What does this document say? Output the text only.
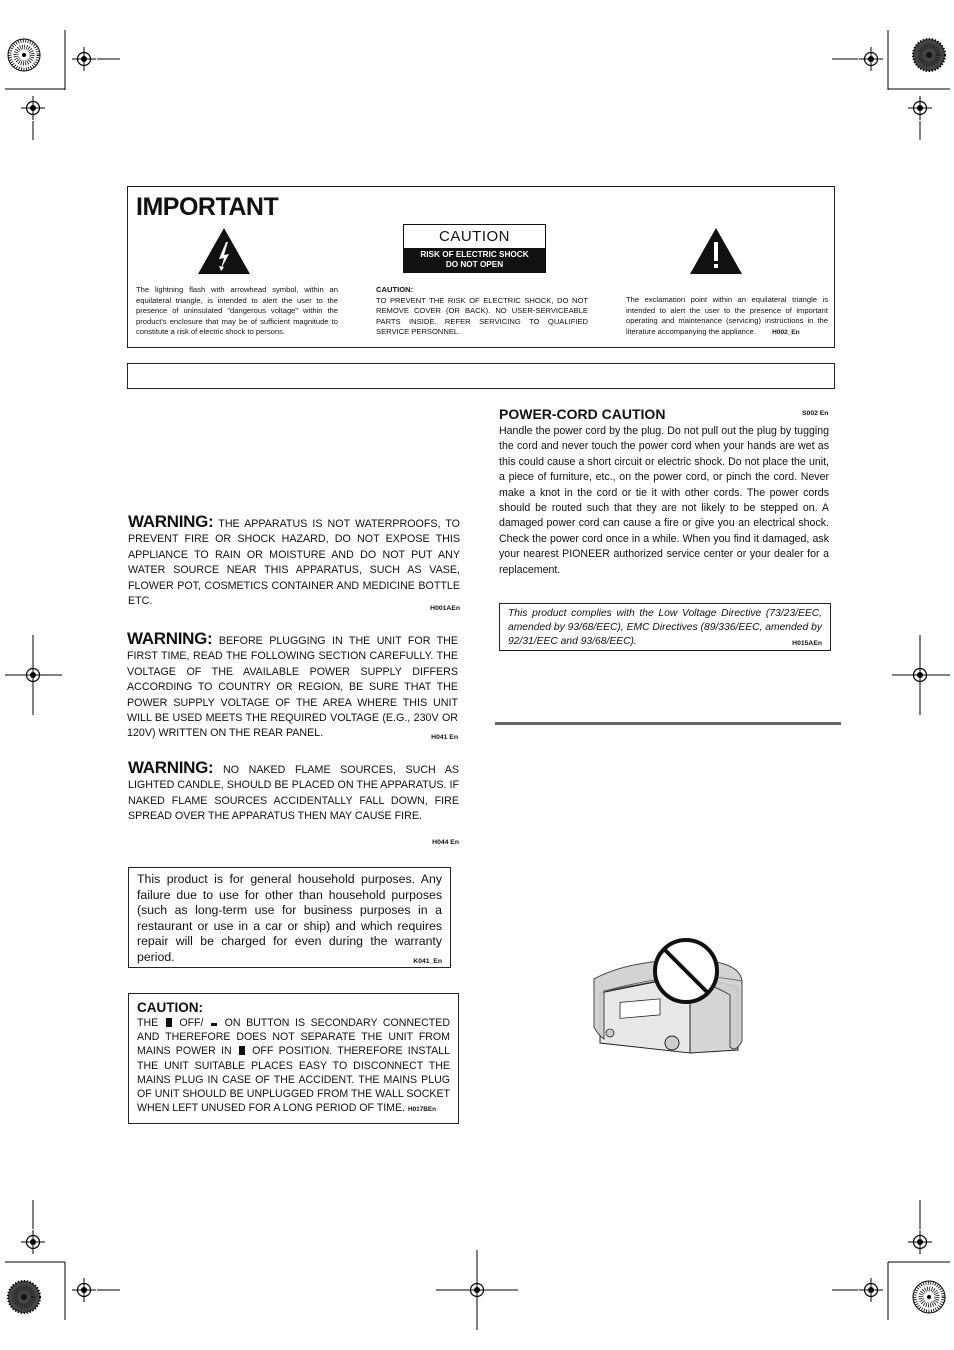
IMPORTANT
The lightning flash with arrowhead symbol, within an equilateral triangle, is intended to alert the user to the presence of uninsulated "dangerous voltage" within the product's enclosure that may be of sufficient magnitude to constitute a risk of electric shock to persons.
CAUTION
RISK OF ELECTRIC SHOCK
DO NOT OPEN
CAUTION:
TO PREVENT THE RISK OF ELECTRIC SHOCK, DO NOT REMOVE COVER (OR BACK). NO USER-SERVICEABLE PARTS INSIDE. REFER SERVICING TO QUALIFIED SERVICE PERSONNEL.
The exclamation point within an equilateral triangle is intended to alert the user to the presence of important operating and maintenance (servicing) instructions in the literature accompanying the appliance. H002_En
WARNING: THE APPARATUS IS NOT WATERPROOFS, TO PREVENT FIRE OR SHOCK HAZARD, DO NOT EXPOSE THIS APPLIANCE TO RAIN OR MOISTURE AND DO NOT PUT ANY WATER SOURCE NEAR THIS APPARATUS, SUCH AS VASE, FLOWER POT, COSMETICS CONTAINER AND MEDICINE BOTTLE ETC.
H001AEn
WARNING: BEFORE PLUGGING IN THE UNIT FOR THE FIRST TIME, READ THE FOLLOWING SECTION CAREFULLY. THE VOLTAGE OF THE AVAILABLE POWER SUPPLY DIFFERS ACCORDING TO COUNTRY OR REGION, BE SURE THAT THE POWER SUPPLY VOLTAGE OF THE AREA WHERE THIS UNIT WILL BE USED MEETS THE REQUIRED VOLTAGE (E.G., 230V OR 120V) WRITTEN ON THE REAR PANEL.	H041 En
WARNING: NO NAKED FLAME SOURCES, SUCH AS LIGHTED CANDLE, SHOULD BE PLACED ON THE APPARATUS. IF NAKED FLAME SOURCES ACCIDENTALLY FALL DOWN, FIRE SPREAD OVER THE APPARATUS THEN MAY CAUSE FIRE.
H044 En
This product is for general household purposes. Any failure due to use for other than household purposes (such as long-term use for business purposes in a restaurant or use in a car or ship) and which requires repair will be charged for even during the warranty period.	K041_En
CAUTION:
THE  OFF/  ON BUTTON IS SECONDARY CONNECTED AND THEREFORE DOES NOT SEPARATE THE UNIT FROM MAINS POWER IN  OFF POSITION. THEREFORE INSTALL THE UNIT SUITABLE PLACES EASY TO DISCONNECT THE MAINS PLUG IN CASE OF THE ACCIDENT. THE MAINS PLUG OF UNIT SHOULD BE UNPLUGGED FROM THE WALL SOCKET WHEN LEFT UNUSED FOR A LONG PERIOD OF TIME. H017BEn
POWER-CORD CAUTION	S002 En
Handle the power cord by the plug. Do not pull out the plug by tugging the cord and never touch the power cord when your hands are wet as this could cause a short circuit or electric shock. Do not place the unit, a piece of furniture, etc., on the power cord, or pinch the cord. Never make a knot in the cord or tie it with other cords. The power cords should be routed such that they are not likely to be stepped on. A damaged power cord can cause a fire or give you an electrical shock. Check the power cord once in a while. When you find it damaged, ask your nearest PIONEER authorized service center or your dealer for a replacement.
This product complies with the Low Voltage Directive (73/23/EEC, amended by 93/68/EEC), EMC Directives (89/336/EEC, amended by 92/31/EEC and 93/68/EEC).	H015AEn
